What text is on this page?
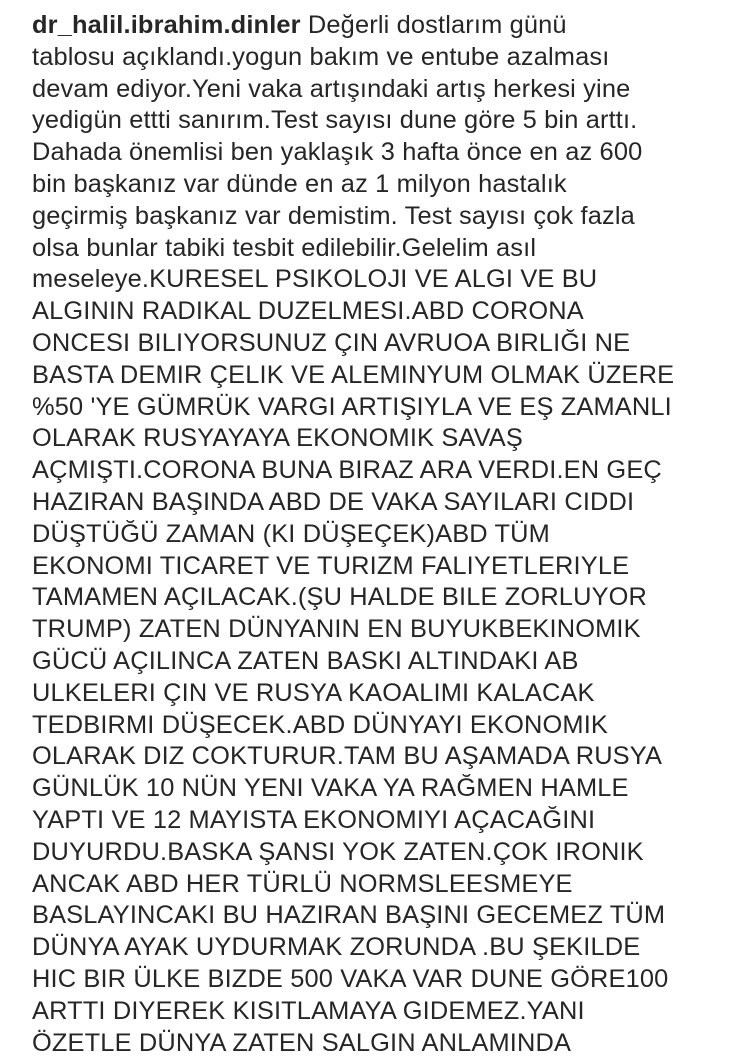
dr_halil.ibrahim.dinler Değerli dostlarım günü
tablosu açıklandı.yogun bakım ve entube azalması
devam ediyor.Yeni vaka artışındaki artış herkesi yine
yedigün ettti sanırım.Test sayısı dune göre 5 bin arttı.
Dahada önemlisi ben yaklaşık 3 hafta önce en az 600
bin başkanız var dünde en az 1 milyon hastalık
geçirmiş başkanız var demistim. Test sayısı çok fazla
olsa bunlar tabiki tesbit edilebilir.Gelelim asıl
meseleye.KURESEL PSIKOLOJI VE ALGI VE BU
ALGININ RADIKAL DUZELMESI.ABD CORONA
ONCESI BILIYORSUNUZ ÇIN AVRUOA BIRLIĞI NE
BASTA DEMIR ÇELIK VE ALEMINYUM OLMAK ÜZERE
%50 'YE GÜMRÜK VARGI ARTIŞIYLA VE EŞ ZAMANLI
OLARAK RUSYAYAYA EKONOMIK SAVAŞ
AÇMIŞTI.CORONA BUNA BIRAZ ARA VERDI.EN GEÇ
HAZIRAN BAŞINDA ABD DE VAKA SAYILARI CIDDI
DÜŞTÜĞÜ ZAMAN (KI DÜŞEÇEK)ABD TÜM
EKONOMI TICARET VE TURIZM FALIYETLERIYLE
TAMAMEN AÇILACAK.(ŞU HALDE BILE ZORLUYOR
TRUMP) ZATEN DÜNYANIN EN BUYUKBEKINOMIK
GÜCÜ AÇILINCA ZATEN BASKI ALTINDAKI AB
ULKELERI ÇIN VE RUSYA KAOALIMI KALACAK
TEDBIRMI DÜŞECEK.ABD DÜNYAYI EKONOMIK
OLARAK DIZ COKTURUR.TAM BU AŞAMADA RUSYA
GÜNLÜK 10 NÜN YENI VAKA YA RAĞMEN HAMLE
YAPTI VE 12 MAYISTA EKONOMIYI AÇACAĞINI
DUYURDU.BASKA ŞANSI YOK ZATEN.ÇOK IRONIK
ANCAK ABD HER TÜRLÜ NORMSLEESMEYE
BASLAYINCAKI BU HAZIRAN BAŞINI GECEMEZ TÜM
DÜNYA AYAK UYDURMAK ZORUNDA .BU ŞEKILDE
HIC BIR ÜLKE BIZDE 500 VAKA VAR DUNE GÖRE100
ARTTI DIYEREK KISITLAMAYA GIDEMEZ.YANI
ÖZETLE DÜNYA ZATEN SALGIN ANLAMINDA
